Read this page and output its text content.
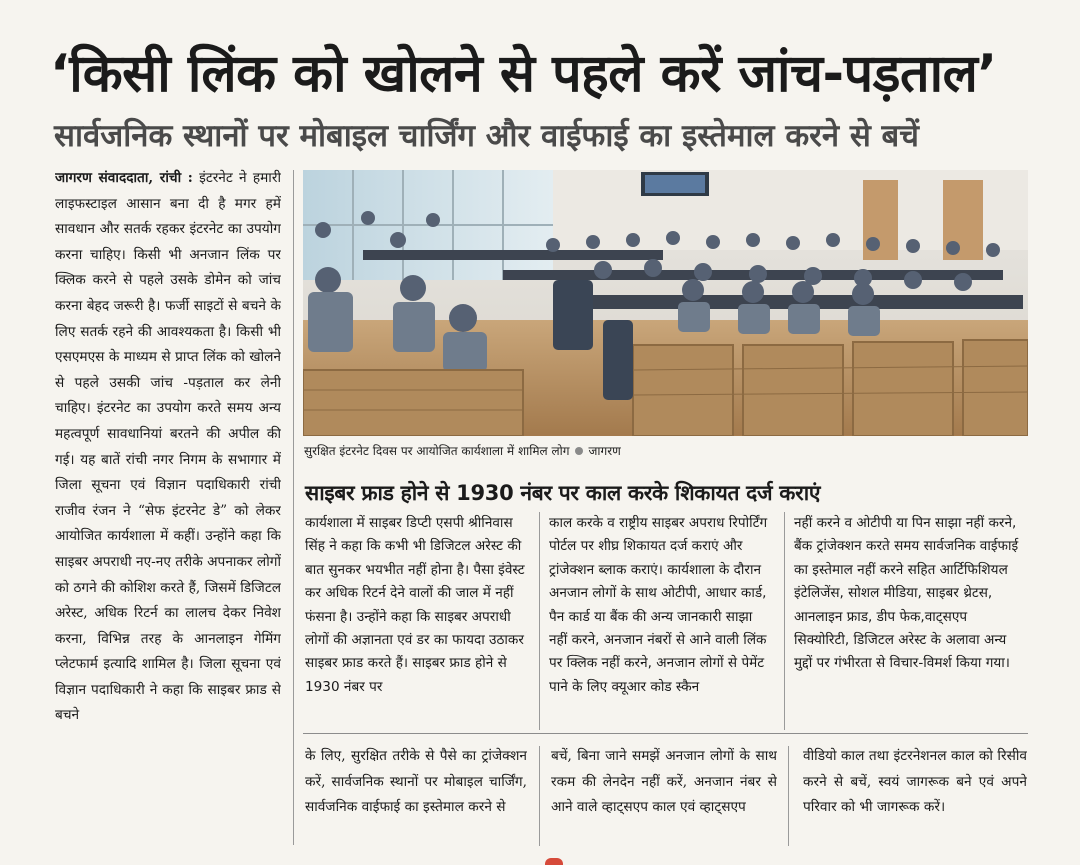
‘किसी लिंक को खोलने से पहले करें जांच-पड़ताल’
सार्वजनिक स्थानों पर मोबाइल चार्जिंग और वाईफाई का इस्तेमाल करने से बचें

जागरण संवाददाता, रांची : इंटरनेट ने हमारी लाइफस्टाइल आसान बना दी है मगर हमें सावधान और सतर्क रहकर इंटरनेट का उपयोग करना चाहिए। किसी भी अनजान लिंक पर क्लिक करने से पहले उसके डोमेन को जांच करना बेहद जरूरी है। फर्जी साइटों से बचने के लिए सतर्क रहने की आवश्यकता है। किसी भी एसएमएस के माध्यम से प्राप्त लिंक को खोलने से पहले उसकी जांच -पड़ताल कर लेनी चाहिए। इंटरनेट का उपयोग करते समय अन्य महत्वपूर्ण सावधानियां बरतने की अपील की गई। यह बातें रांची नगर निगम के सभागार में जिला सूचना एवं विज्ञान पदाधिकारी रांची राजीव रंजन ने “सेफ इंटरनेट डे” को लेकर आयोजित कार्यशाला में कहीं। उन्होंने कहा कि साइबर अपराधी नए-नए तरीके अपनाकर लोगों को ठगने की कोशिश करते हैं, जिसमें डिजिटल अरेस्ट, अधिक रिटर्न का लालच देकर निवेश करना, विभिन्न तरह के आनलाइन गेमिंग प्लेटफार्म इत्यादि शामिल है। जिला सूचना एवं विज्ञान पदाधिकारी ने कहा कि साइबर फ्राड से बचने

सुरक्षित इंटरनेट दिवस पर आयोजित कार्यशाला में शामिल लोग जागरण
साइबर फ्राड होने से 1930 नंबर पर काल करके शिकायत दर्ज कराएं

कार्यशाला में साइबर डिप्टी एसपी श्रीनिवास सिंह ने कहा कि कभी भी डिजिटल अरेस्ट की बात सुनकर भयभीत नहीं होना है। पैसा इंवेस्ट कर अधिक रिटर्न देने वालों की जाल में नहीं फंसना है। उन्होंने कहा कि साइबर अपराधी लोगों की अज्ञानता एवं डर का फायदा उठाकर साइबर फ्राड करते हैं। साइबर फ्राड होने से 1930 नंबर पर

काल करके व राष्ट्रीय साइबर अपराध रिपोर्टिंग पोर्टल पर शीघ्र शिकायत दर्ज कराएं और ट्रांजेक्शन ब्लाक कराएं। कार्यशाला के दौरान अनजान लोगों के साथ ओटीपी, आधार कार्ड, पैन कार्ड या बैंक की अन्य जानकारी साझा नहीं करने, अनजान नंबरों से आने वाली लिंक पर क्लिक नहीं करने, अनजान लोगों से पेमेंट पाने के लिए क्यूआर कोड स्कैन

नहीं करने व ओटीपी या पिन साझा नहीं करने, बैंक ट्रांजेक्शन करते समय सार्वजनिक वाईफाई का इस्तेमाल नहीं करने सहित आर्टिफिशियल इंटेलिजेंस, सोशल मीडिया, साइबर थ्रेटस, आनलाइन फ्राड, डीप फेक,वाट्सएप सिक्योरिटी, डिजिटल अरेस्ट के अलावा अन्य मुद्दों पर गंभीरता से विचार-विमर्श किया गया।

के लिए, सुरक्षित तरीके से पैसे का ट्रांजेक्शन करें, सार्वजनिक स्थानों पर मोबाइल चार्जिंग, सार्वजनिक वाईफाई का इस्तेमाल करने से

बचें, बिना जाने समझें अनजान लोगों के साथ रकम की लेनदेन नहीं करें, अनजान नंबर से आने वाले व्हाट्सएप काल एवं व्हाट्सएप

वीडियो काल तथा इंटरनेशनल काल को रिसीव करने से बचें, स्वयं जागरूक बने एवं अपने परिवार को भी जागरूक करें।
